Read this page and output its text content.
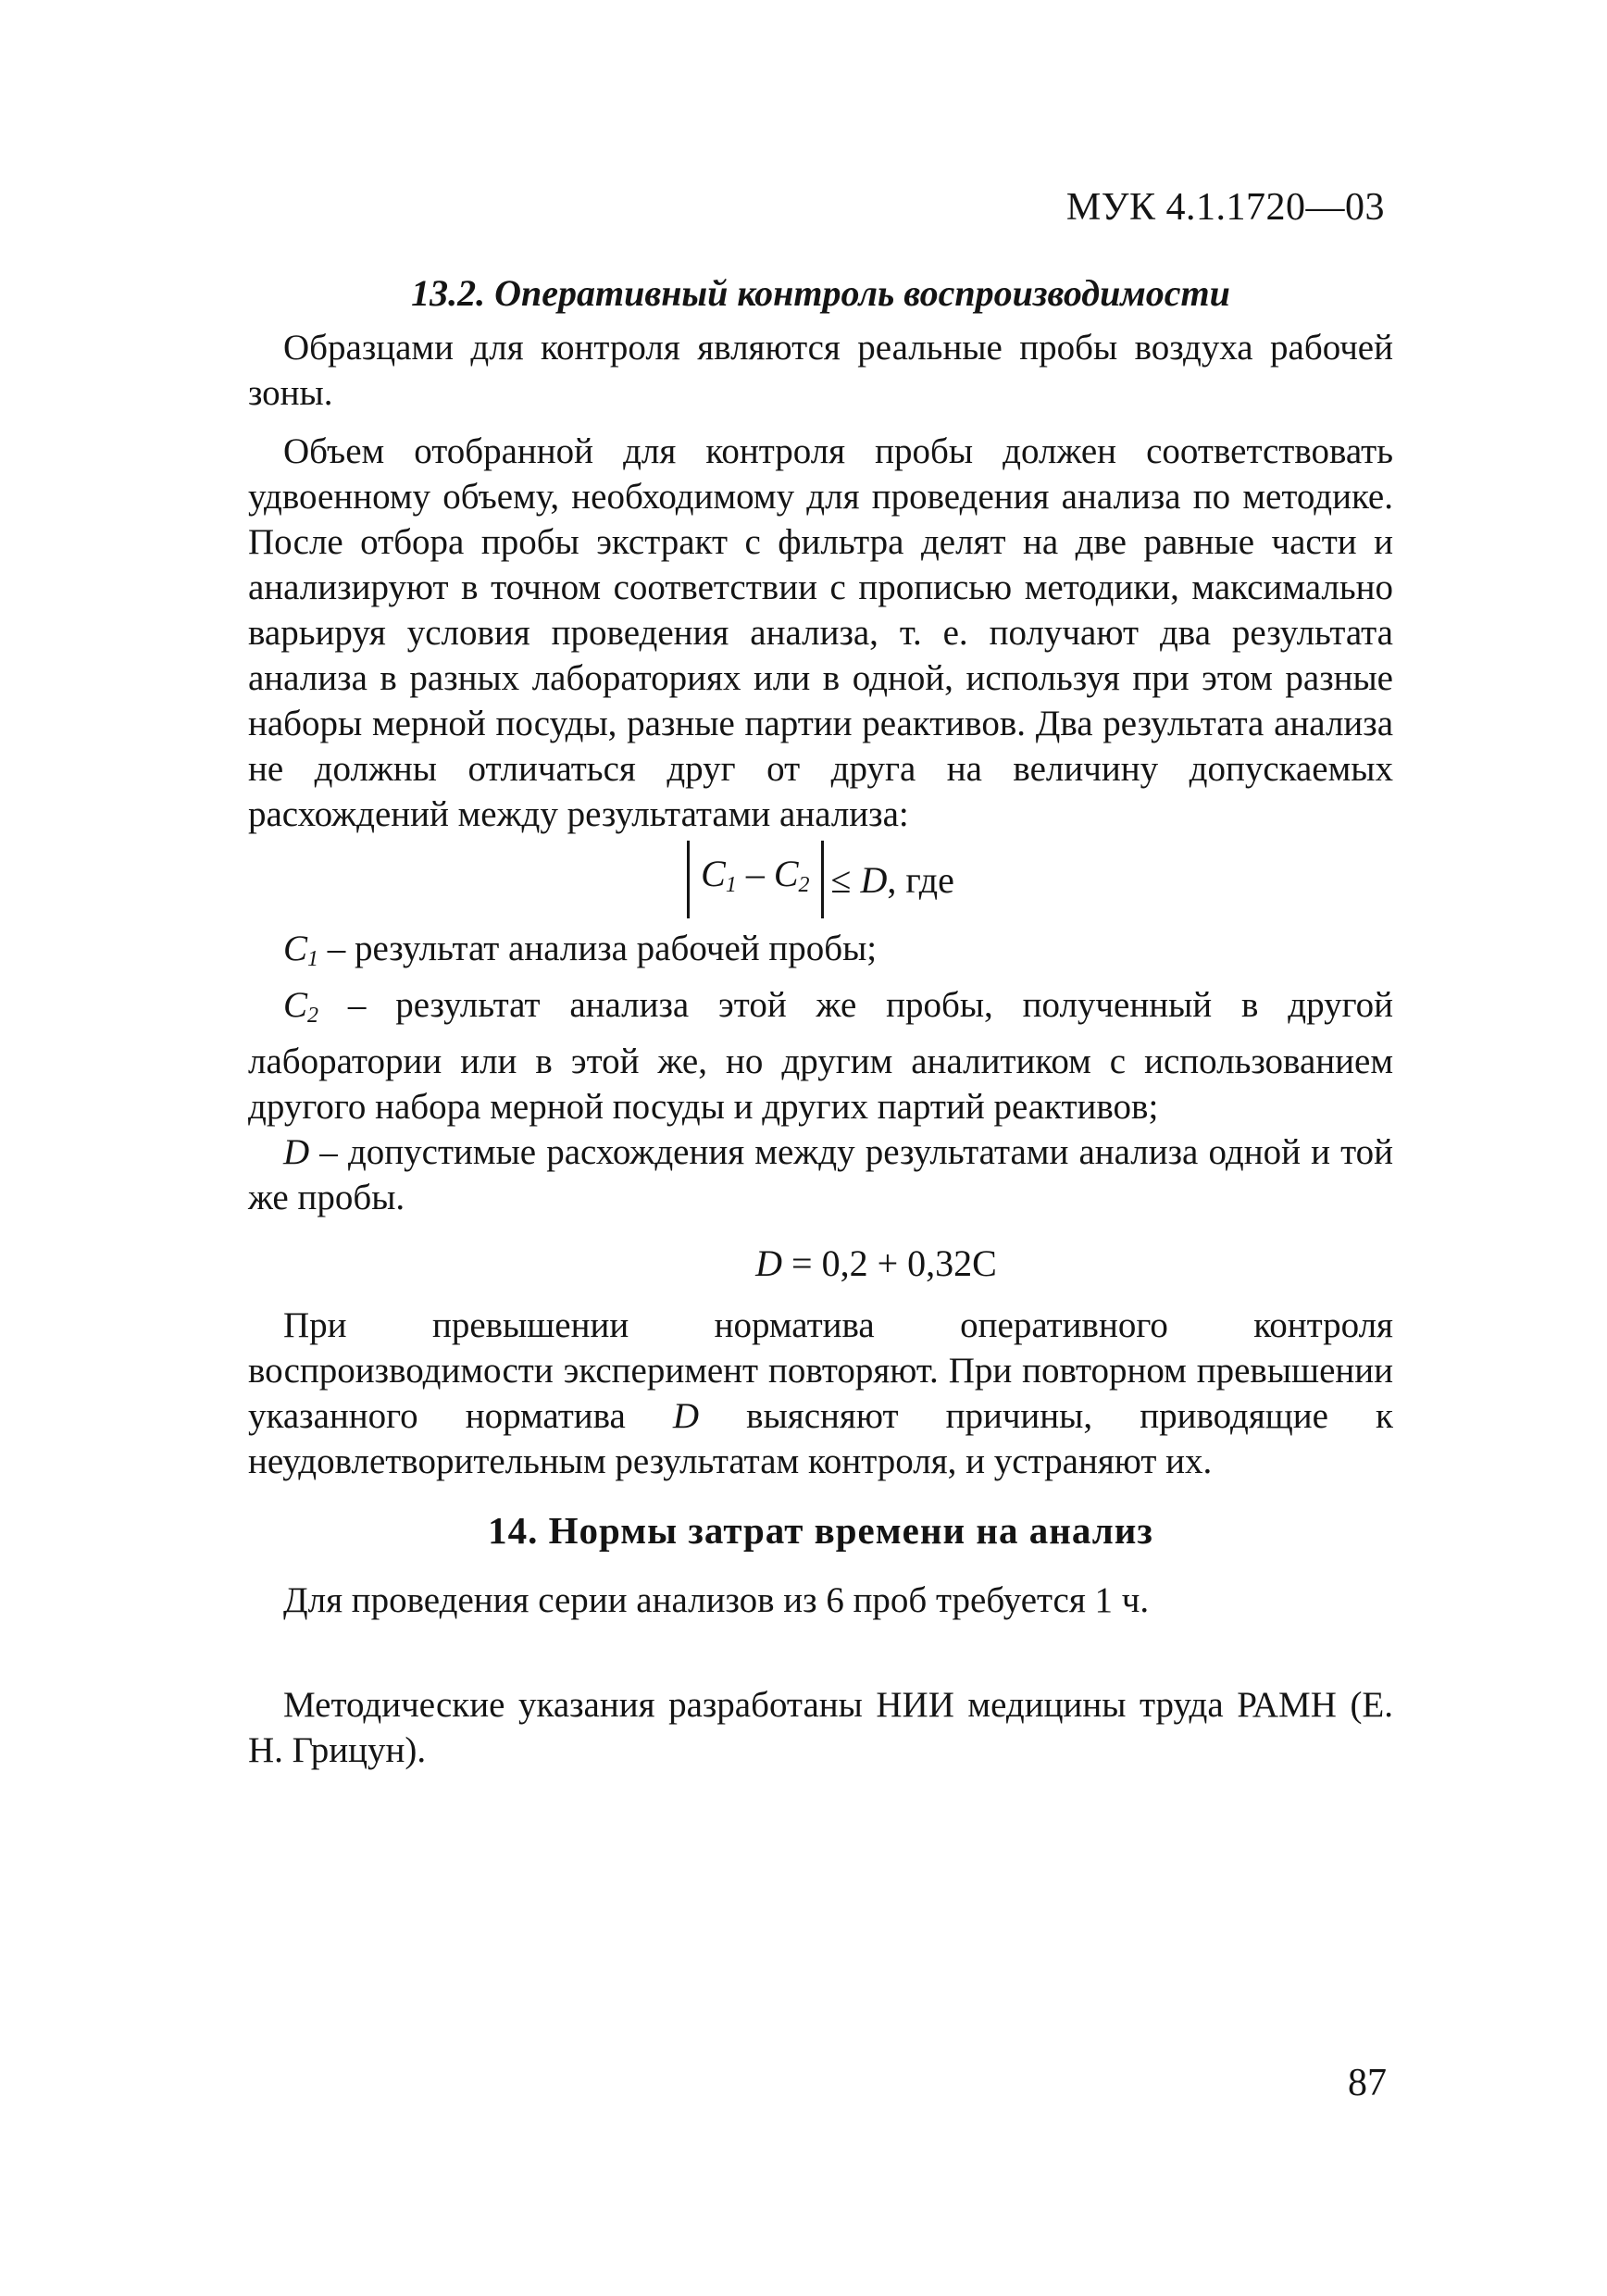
МУК 4.1.1720—03
13.2. Оперативный контроль воспроизводимости

Образцами для контроля являются реальные пробы воздуха рабочей зоны.

Объем отобранной для контроля пробы должен соответствовать удвоенному объему, необходимому для проведения анализа по методике. После отбора пробы экстракт с фильтра делят на две равные части и анализируют в точном соответствии с прописью методики, максимально варьируя условия проведения анализа, т. е. получают два результата анализа в разных лабораториях или в одной, используя при этом разные наборы мерной посуды, разные партии реактивов. Два результата анализа не должны отличаться друг от друга на величину допускаемых расхождений между результатами анализа:

$C_1 - C_2 \le D$, где

$C_1$ – результат анализа рабочей пробы;

$C_2$ – результат анализа этой же пробы, полученный в другой лаборатории или в этой же, но другим аналитиком с использованием другого набора мерной посуды и других партий реактивов;

D – допустимые расхождения между результатами анализа одной и той же пробы.

D = 0,2 + 0,32C

При превышении норматива оперативного контроля воспроизводимости эксперимент повторяют. При повторном превышении указанного норматива D выясняют причины, приводящие к неудовлетворительным результатам контроля, и устраняют их.

14. Нормы затрат времени на анализ

Для проведения серии анализов из 6 проб требуется 1 ч.

Методические указания разработаны НИИ медицины труда РАМН (Е. Н. Грицун).

87
